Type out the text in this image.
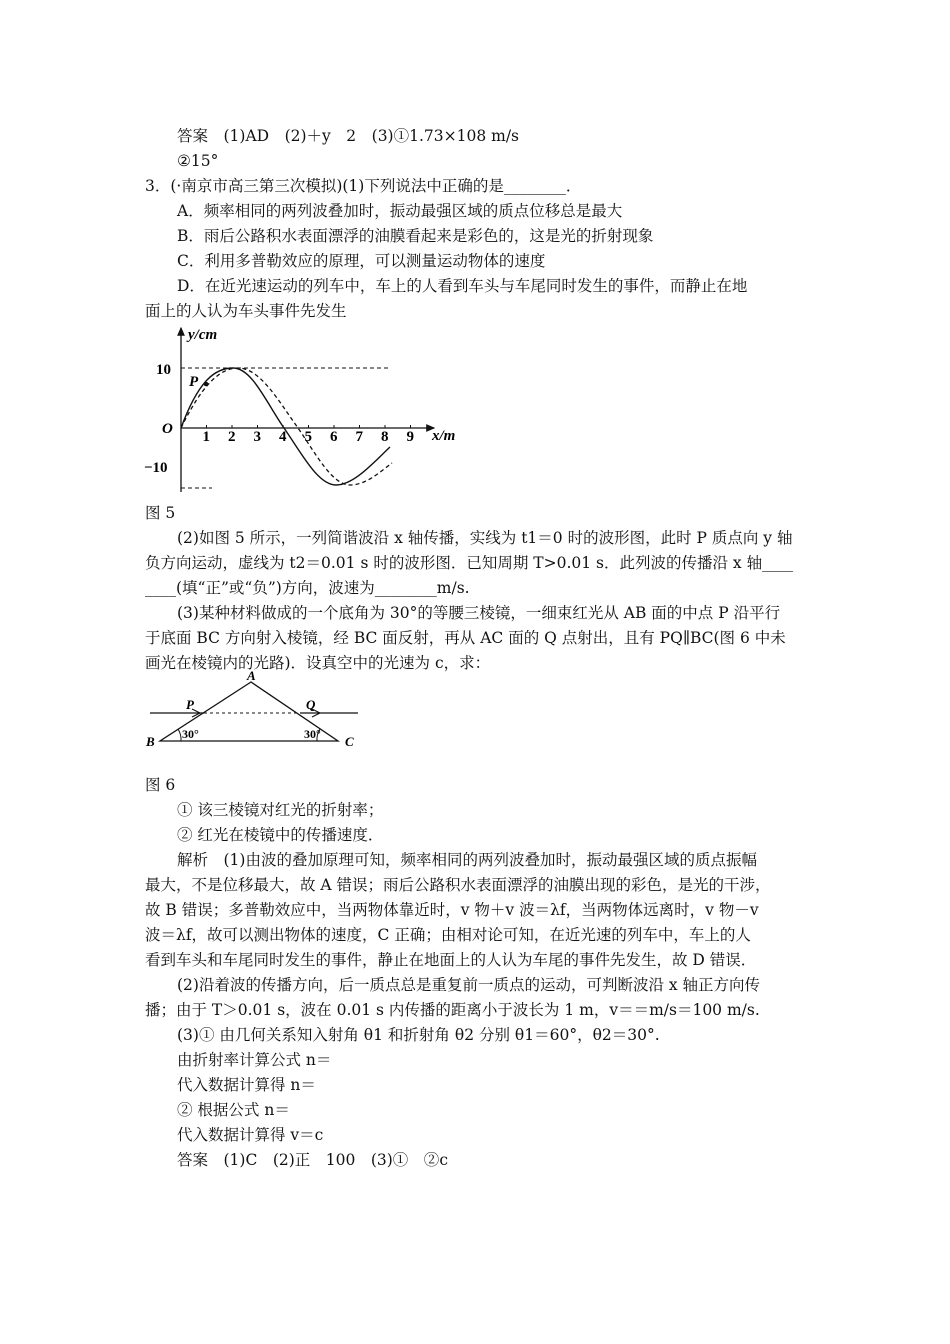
答案　(1)AD　(2)＋y　2　(3)①1.73×108 m/s
②15°
3．(·南京市高三第三次模拟)(1)下列说法中正确的是________．
A．频率相同的两列波叠加时，振动最强区域的质点位移总是最大
B．雨后公路积水表面漂浮的油膜看起来是彩色的，这是光的折射现象
C．利用多普勒效应的原理，可以测量运动物体的速度
D．在近光速运动的列车中，车上的人看到车头与车尾同时发生的事件，而静止在地
面上的人认为车头事件先发生
P
y/cm
x/m
10
−10
O 1 2 3 4 5 6 7 8 9
图 5
(2)如图 5 所示，一列简谐波沿 x 轴传播，实线为 t1＝0 时的波形图，此时 P 质点向 y 轴
负方向运动，虚线为 t2＝0.01 s 时的波形图．已知周期 T>0.01 s．此列波的传播沿 x 轴____
____(填“正”或“负”)方向，波速为________m/s.
(3)某种材料做成的一个底角为 30°的等腰三棱镜，一细束红光从 AB 面的中点 P 沿平行
于底面 BC 方向射入棱镜，经 BC 面反射，再从 AC 面的 Q 点射出，且有 PQ∥BC(图 6 中未
画光在棱镜内的光路)．设真空中的光速为 c，求：
A
B	C
P	Q
30°	30°
图 6
① 该三棱镜对红光的折射率；
② 红光在棱镜中的传播速度．
解析　(1)由波的叠加原理可知，频率相同的两列波叠加时，振动最强区域的质点振幅
最大，不是位移最大，故 A 错误；雨后公路积水表面漂浮的油膜出现的彩色，是光的干涉，
故 B 错误；多普勒效应中，当两物体靠近时，v 物＋v 波＝λf，当两物体远离时，v 物－v
波＝λf，故可以测出物体的速度，C 正确；由相对论可知，在近光速的列车中，车上的人
看到车头和车尾同时发生的事件，静止在地面上的人认为车尾的事件先发生，故 D 错误．
(2)沿着波的传播方向，后一质点总是重复前一质点的运动，可判断波沿 x 轴正方向传
播；由于 T＞0.01 s，波在 0.01 s 内传播的距离小于波长为 1 m，v＝＝m/s＝100 m/s.
(3)① 由几何关系知入射角 θ1 和折射角 θ2 分别 θ1＝60°，θ2＝30°.
由折射率计算公式 n＝
代入数据计算得 n＝
② 根据公式 n＝
代入数据计算得 v＝c
答案　(1)C　(2)正　100　(3)①　②c
